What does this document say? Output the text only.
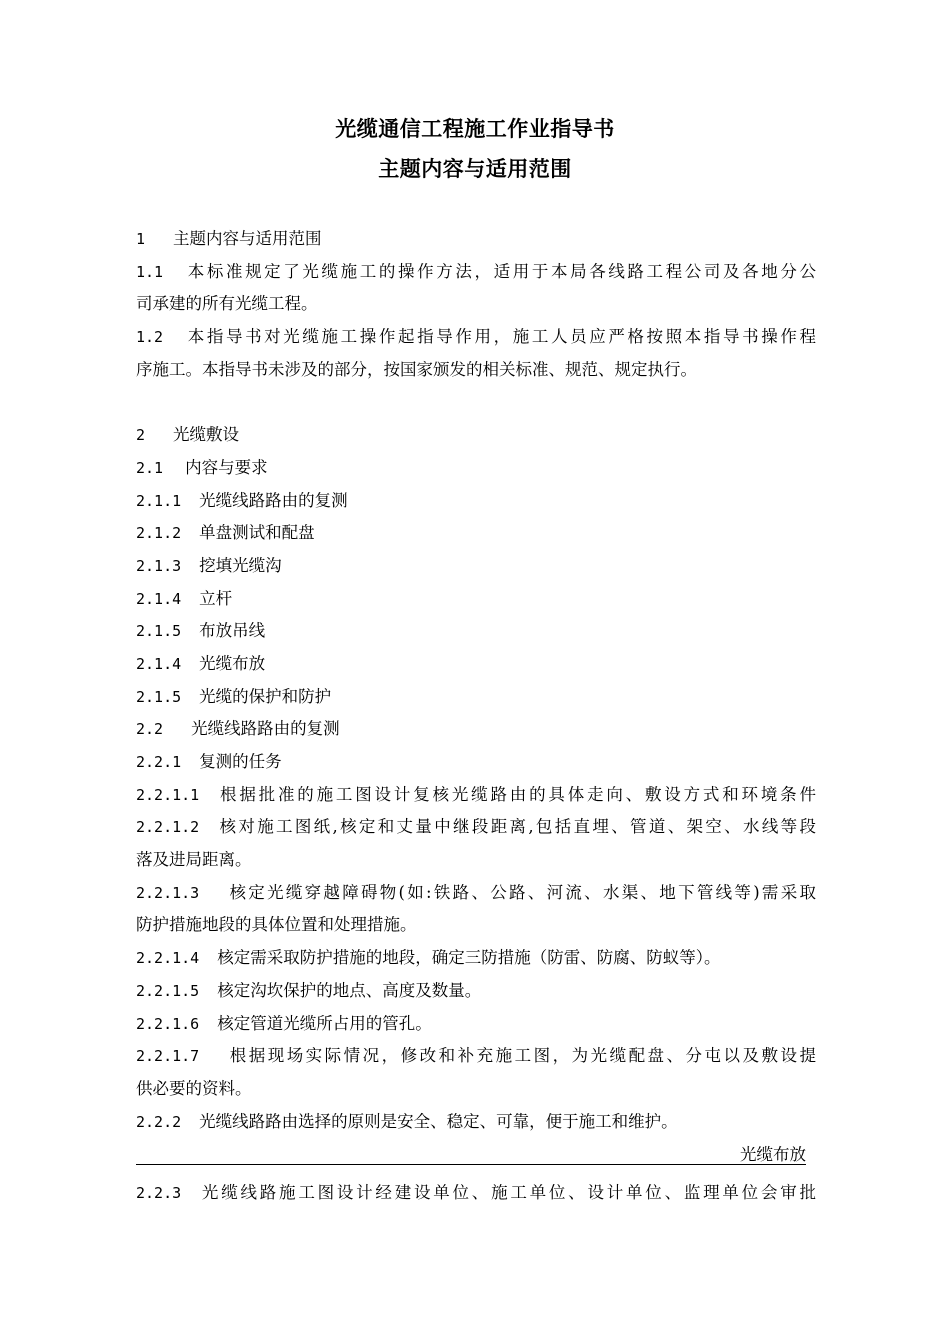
光缆通信工程施工作业指导书
主题内容与适用范围
1 主题内容与适用范围
1.1 本标准规定了光缆施工的操作方法，适用于本局各线路工程公司及各地分公
司承建的所有光缆工程。
1.2 本指导书对光缆施工操作起指导作用，施工人员应严格按照本指导书操作程
序施工。本指导书未涉及的部分，按国家颁发的相关标准、规范、规定执行。
2 光缆敷设
2.1 内容与要求
2.1.1 光缆线路路由的复测
2.1.2 单盘测试和配盘
2.1.3 挖填光缆沟
2.1.4 立杆
2.1.5 布放吊线
2.1.4 光缆布放
2.1.5 光缆的保护和防护
2.2 光缆线路路由的复测
2.2.1 复测的任务
2.2.1.1 根据批准的施工图设计复核光缆路由的具体走向、敷设方式和环境条件
2.2.1.2 核对施工图纸,核定和丈量中继段距离,包括直埋、管道、架空、水线等段
落及进局距离。
2.2.1.3 核定光缆穿越障碍物(如:铁路、公路、河流、水渠、地下管线等)需采取
防护措施地段的具体位置和处理措施。
2.2.1.4 核定需采取防护措施的地段，确定三防措施（防雷、防腐、防蚁等）。
2.2.1.5 核定沟坎保护的地点、高度及数量。
2.2.1.6 核定管道光缆所占用的管孔。
2.2.1.7 根据现场实际情况，修改和补充施工图，为光缆配盘、分屯以及敷设提
供必要的资料。
2.2.2 光缆线路路由选择的原则是安全、稳定、可靠，便于施工和维护。
光缆布放
2.2.3 光缆线路施工图设计经建设单位、施工单位、设计单位、监理单位会审批
